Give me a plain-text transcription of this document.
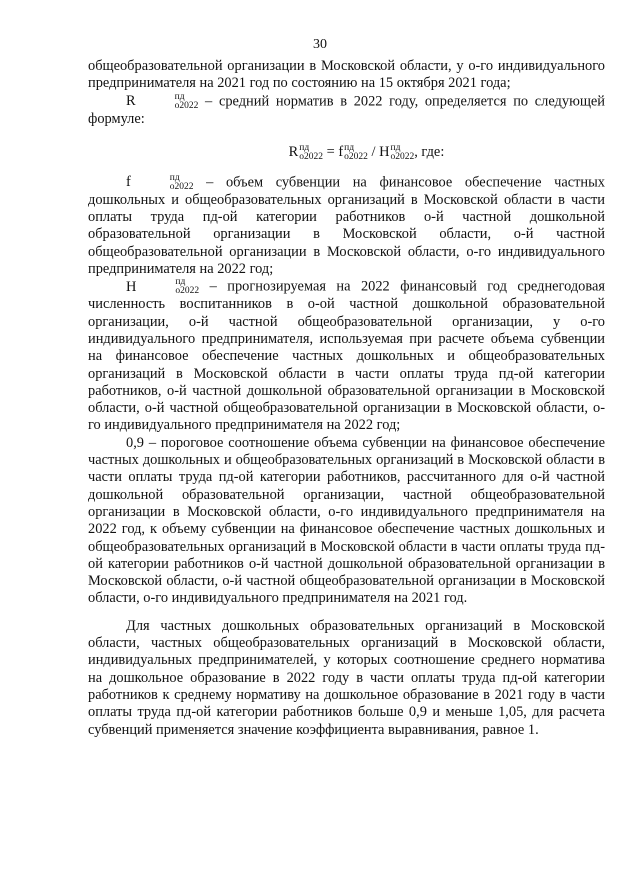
30

общеобразовательной организации в Московской области, у о-го индивидуального предпринимателя на 2021 год по состоянию на 15 октября 2021 года;

R	пд
о2022 – средний норматив в 2022 году, определяется по следующей формуле:

R пд
о2022 = f пд
о2022 / Н пд
о2022 , где:

f	пд
о2022 – объем субвенции на финансовое обеспечение частных дошкольных и общеобразовательных организаций в Московской области в части оплаты труда пд-ой категории работников о-й частной дошкольной образовательной организации в Московской области, о-й частной общеобразовательной организации в Московской области, о-го индивидуального предпринимателя на 2022 год;

Н	пд
о2022 – прогнозируемая на 2022 финансовый год среднегодовая численность воспитанников в о-ой частной дошкольной образовательной организации, о-й частной общеобразовательной организации, у о-го индивидуального предпринимателя, используемая при расчете объема субвенции на финансовое обеспечение частных дошкольных и общеобразовательных организаций в Московской области в части оплаты труда пд-ой категории работников, о-й частной дошкольной образовательной организации в Московской области, о-й частной общеобразовательной организации в Московской области, о-го индивидуального предпринимателя на 2022 год;

0,9 – пороговое соотношение объема субвенции на финансовое обеспечение частных дошкольных и общеобразовательных организаций в Московской области в части оплаты труда пд-ой категории работников, рассчитанного для о-й частной дошкольной образовательной организации, частной общеобразовательной организации в Московской области, о-го индивидуального предпринимателя на 2022 год, к объему субвенции на финансовое обеспечение частных дошкольных и общеобразовательных организаций в Московской области в части оплаты труда пд-ой категории работников о-й частной дошкольной образовательной организации в Московской области, о-й частной общеобразовательной организации в Московской области, о-го индивидуального предпринимателя на 2021 год.

Для частных дошкольных образовательных организаций в Московской области, частных общеобразовательных организаций в Московской области, индивидуальных предпринимателей, у которых соотношение среднего норматива на дошкольное образование в 2022 году в части оплаты труда пд-ой категории работников к среднему нормативу на дошкольное образование в 2021 году в части оплаты труда пд-ой категории работников больше 0,9 и меньше 1,05, для расчета субвенций применяется значение коэффициента выравнивания, равное 1.
